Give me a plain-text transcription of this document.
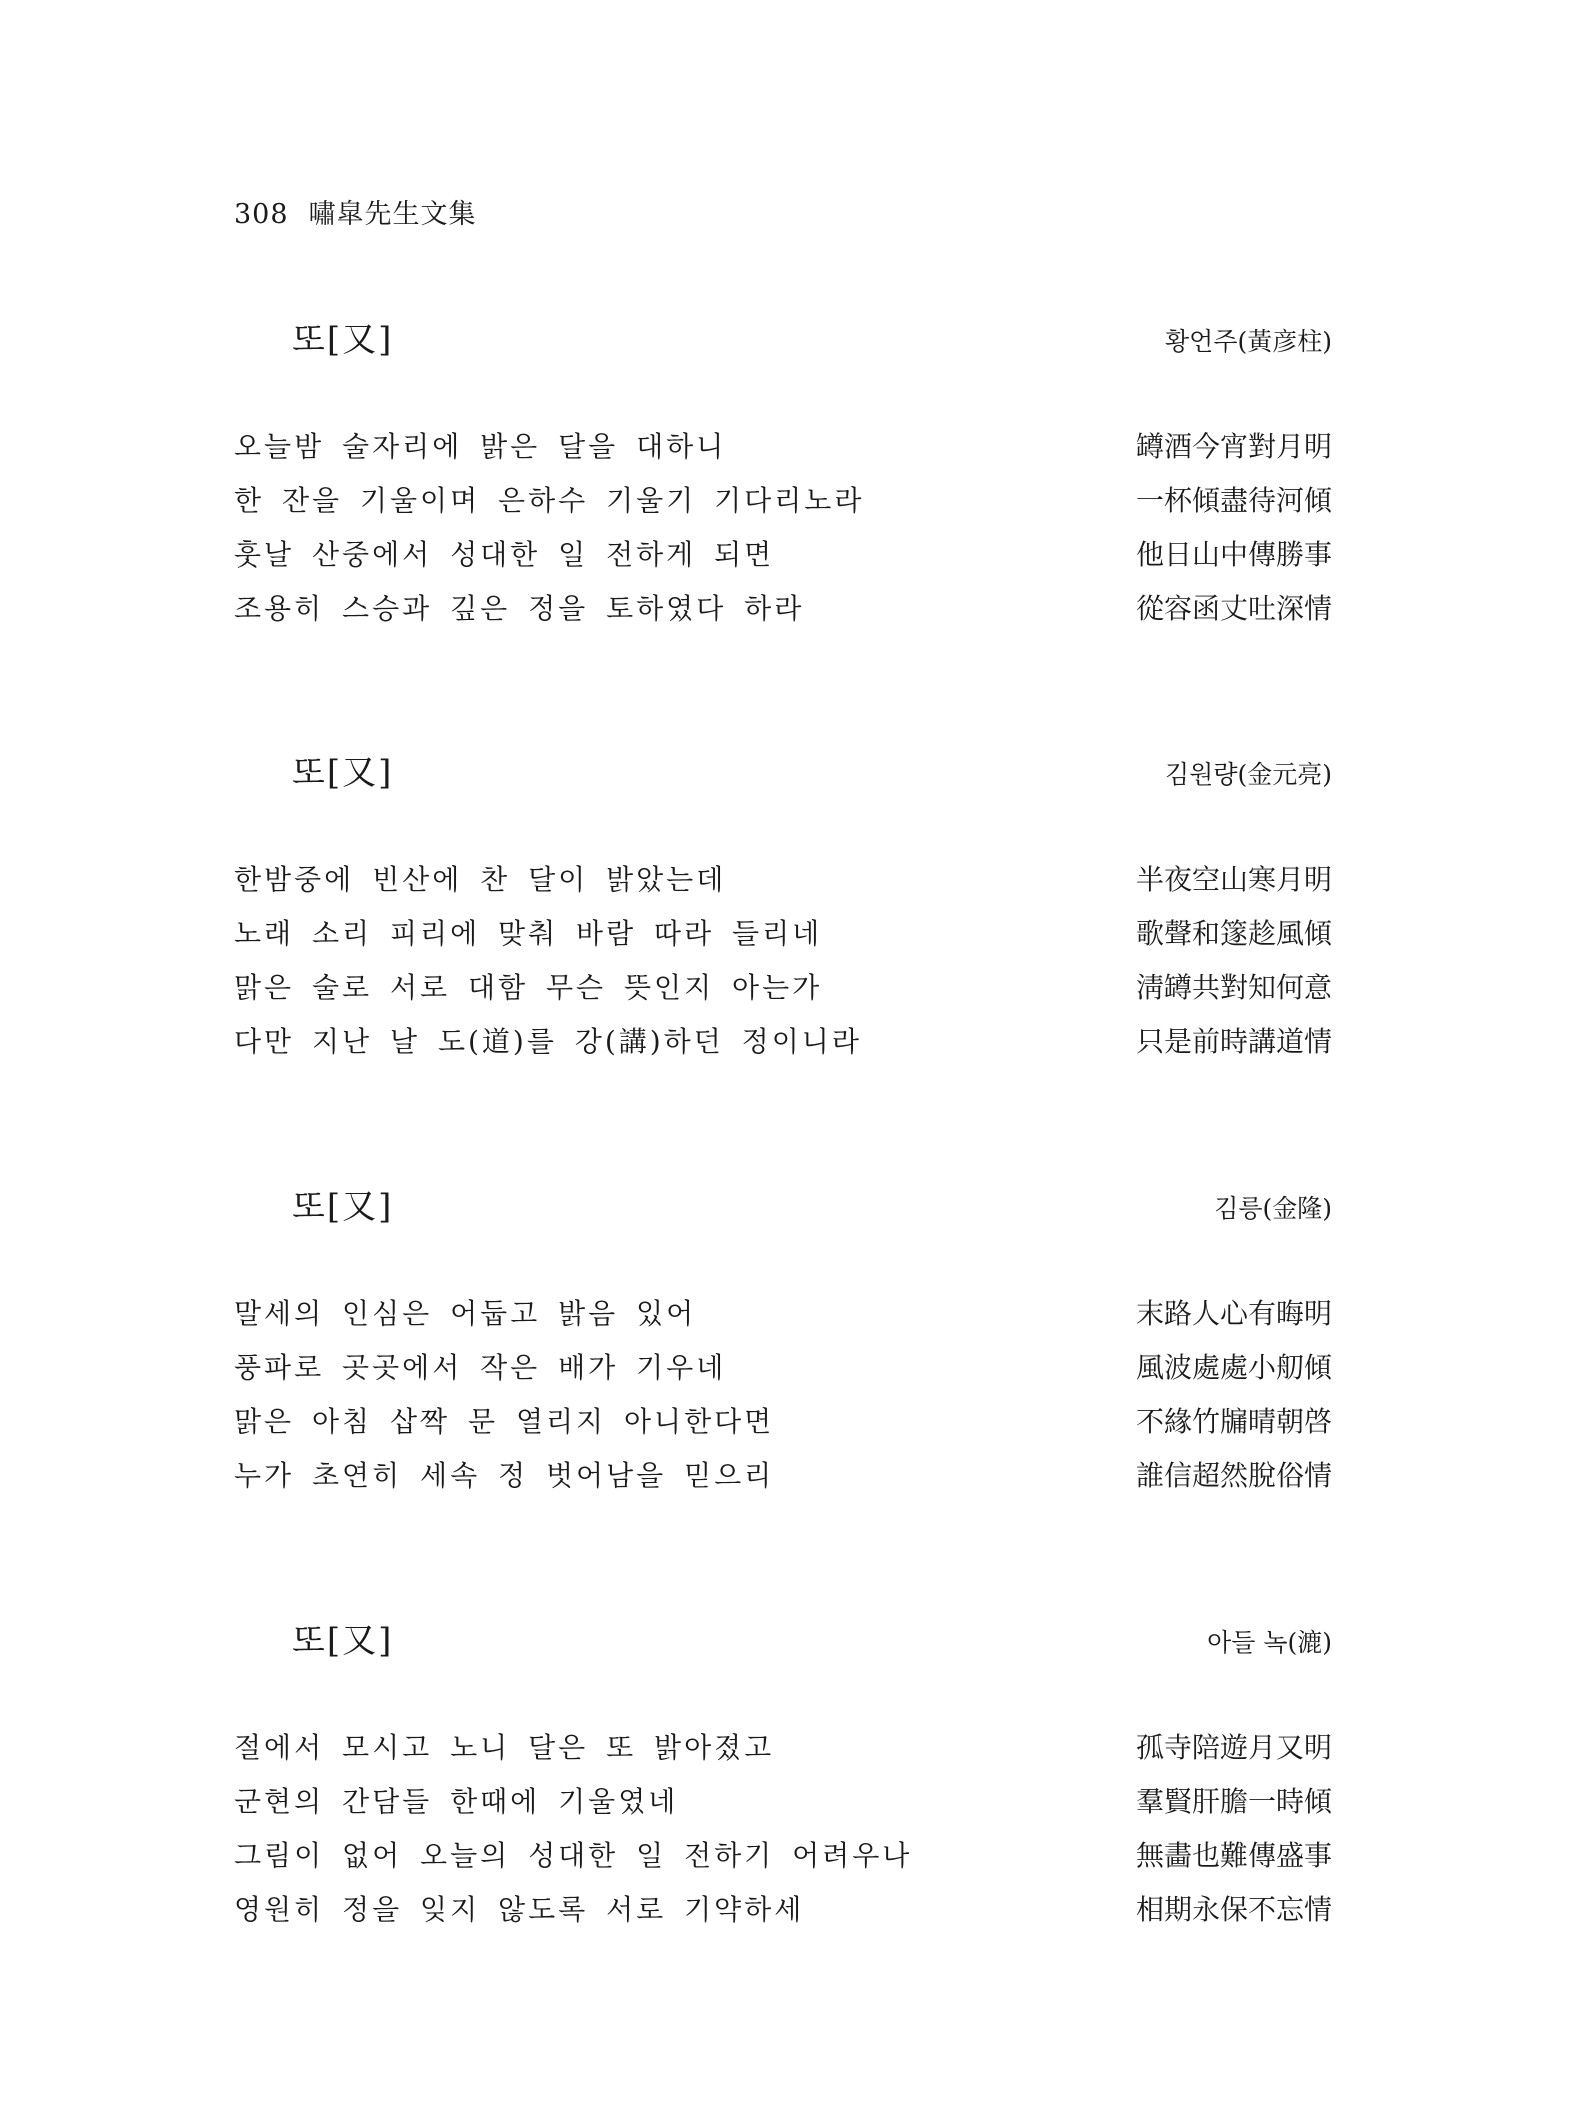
308 嘯皐先生文集
또[又]	황언주(黃彦柱)
오늘밤 술자리에 밝은 달을 대하니	罇酒今宵對月明
한 잔을 기울이며 은하수 기울기 기다리노라	一杯傾盡待河傾
훗날 산중에서 성대한 일 전하게 되면	他日山中傳勝事
조용히 스승과 깊은 정을 토하였다 하라	從容函丈吐深情
또[又]	김원량(金元亮)
한밤중에 빈산에 찬 달이 밝았는데	半夜空山寒月明
노래 소리 피리에 맞춰 바람 따라 들리네	歌聲和篴趁風傾
맑은 술로 서로 대함 무슨 뜻인지 아는가	淸罇共對知何意
다만 지난 날 도(道)를 강(講)하던 정이니라	只是前時講道情
또[又]	김릉(金隆)
말세의 인심은 어둡고 밝음 있어	末路人心有晦明
풍파로 곳곳에서 작은 배가 기우네	風波處處小舠傾
맑은 아침 삽짝 문 열리지 아니한다면	不緣竹牖晴朝啓
누가 초연히 세속 정 벗어남을 믿으리	誰信超然脫俗情
또[又]	아들 녹(漉)
절에서 모시고 노니 달은 또 밝아졌고	孤寺陪遊月又明
군현의 간담들 한때에 기울였네	羣賢肝膽一時傾
그림이 없어 오늘의 성대한 일 전하기 어려우나	無畵也難傳盛事
영원히 정을 잊지 않도록 서로 기약하세	相期永保不忘情
